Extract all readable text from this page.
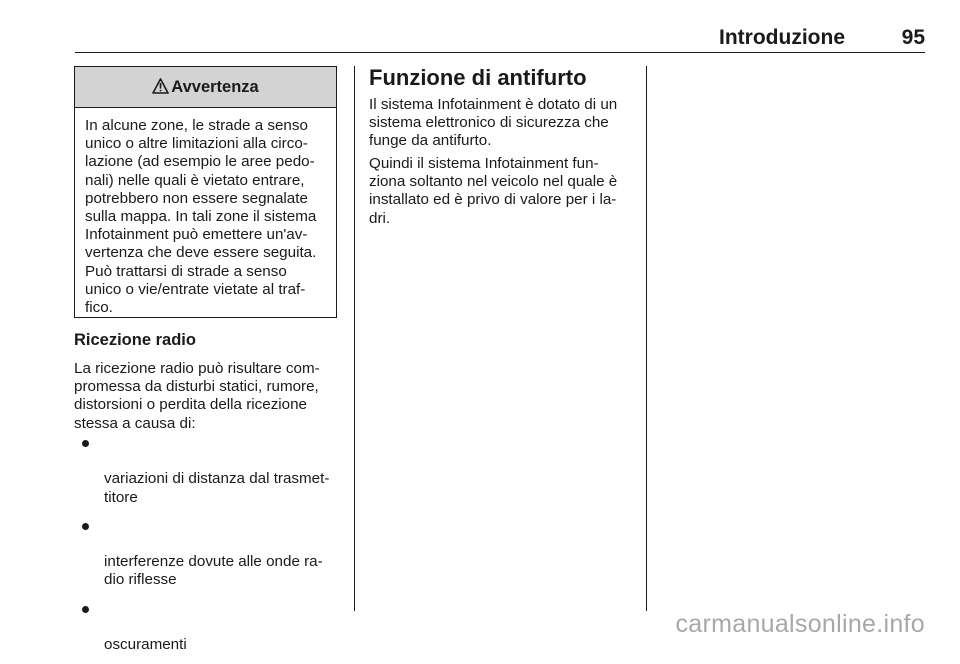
Introduzione	95
Avvertenza
In alcune zone, le strade a senso
unico o altre limitazioni alla circo-
lazione (ad esempio le aree pedo-
nali) nelle quali è vietato entrare,
potrebbero non essere segnalate
sulla mappa. In tali zone il sistema
Infotainment può emettere un'av-
vertenza che deve essere seguita.
Può trattarsi di strade a senso
unico o vie/entrate vietate al traf-
fico.
Ricezione radio
La ricezione radio può risultare com-
promessa da disturbi statici, rumore,
distorsioni o perdita della ricezione
stessa a causa di:

variazioni di distanza dal trasmet-
titore

interferenze dovute alle onde ra-
dio riflesse

oscuramenti

Funzione di antifurto
Il sistema Infotainment è dotato di un
sistema elettronico di sicurezza che
funge da antifurto.
Quindi il sistema Infotainment fun-
ziona soltanto nel veicolo nel quale è
installato ed è privo di valore per i la-
dri.
carmanualsonline.info
